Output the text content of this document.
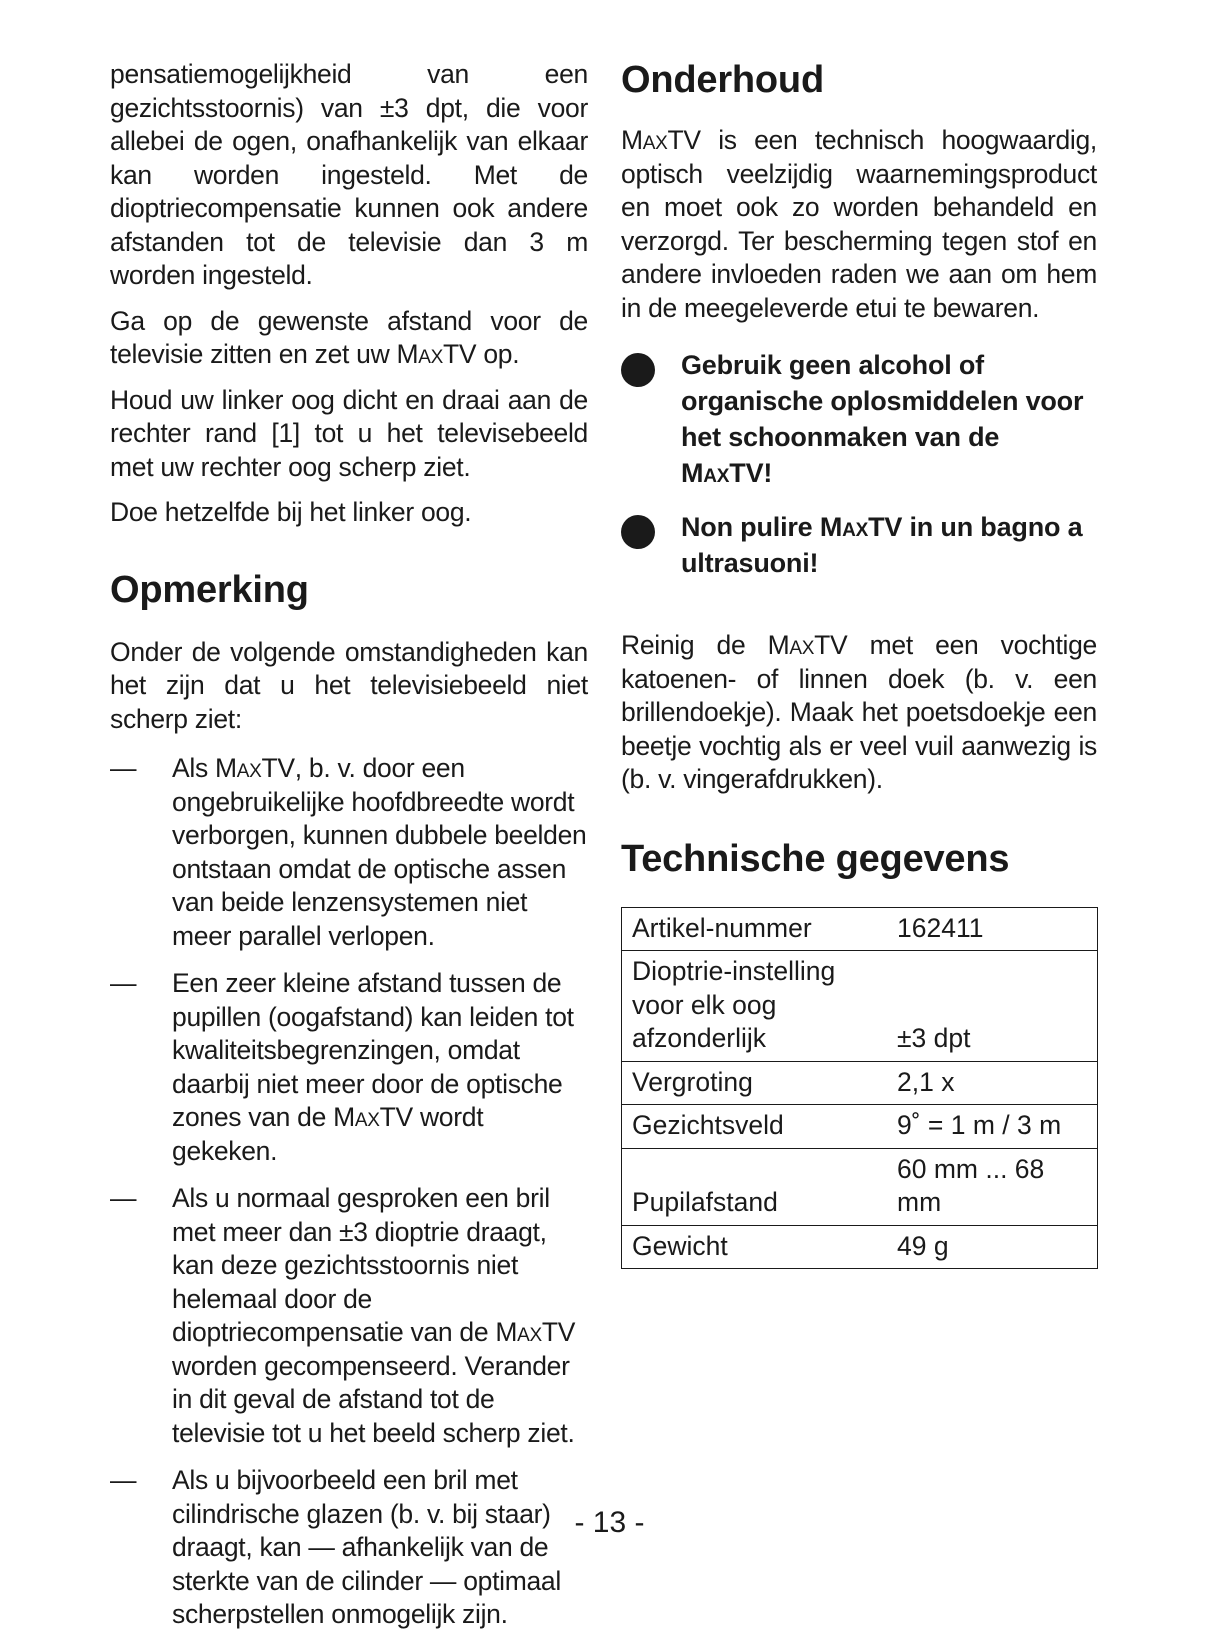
pensatiemogelijkheid van een gezichtsstoornis) van ±3 dpt, die voor allebei de ogen, onafhankelijk van elkaar kan worden ingesteld. Met de dioptriecompensatie kunnen ook andere afstanden tot de televisie dan 3 m worden ingesteld.

Ga op de gewenste afstand voor de televisie zitten en zet uw MaxTV op.

Houd uw linker oog dicht en draai aan de rechter rand [1] tot u het televisebeeld met uw rechter oog scherp ziet.

Doe hetzelfde bij het linker oog.

Opmerking

Onder de volgende omstandigheden kan het zijn dat u het televisiebeeld niet scherp ziet:

— Als MaxTV, b. v. door een ongebruikelijke hoofdbreedte wordt verborgen, kunnen dubbele beelden ontstaan omdat de optische assen van beide lenzensystemen niet meer parallel verlopen.
— Een zeer kleine afstand tussen de pupillen (oogafstand) kan leiden tot kwaliteitsbegrenzingen, omdat daarbij niet meer door de optische zones van de MaxTV wordt gekeken.
— Als u normaal gesproken een bril met meer dan ±3 dioptrie draagt, kan deze gezichtsstoornis niet helemaal door de dioptriecompensatie van de MaxTV worden gecompenseerd. Verander in dit geval de afstand tot de televisie tot u het beeld scherp ziet.
— Als u bijvoorbeeld een bril met cilindrische glazen (b. v. bij staar) draagt, kan — afhankelijk van de sterkte van de cilinder — optimaal scherpstellen onmogelijk zijn.
Onderhoud

MaxTV is een technisch hoogwaardig, optisch veelzijdig waarnemingsproduct en moet ook zo worden behandeld en verzorgd. Ter bescherming tegen stof en andere invloeden raden we aan om hem in de meegeleverde etui te bewaren.

Gebruik geen alcohol of organische oplosmiddelen voor het schoonmaken van de MaxTV!
Non pulire MaxTV in un bagno a ultrasuoni!

Reinig de MaxTV met een vochtige katoenen- of linnen doek (b. v. een brillendoekje). Maak het poetsdoekje een beetje vochtig als er veel vuil aanwezig is (b. v. vingerafdrukken).

Technische gegevens
Artikel-nummer	162411
Dioptrie-instelling voor elk oog afzonderlijk	±3 dpt
Vergroting	2,1 x
Gezichtsveld	9˚ = 1 m / 3 m
Pupilafstand	60 mm ... 68 mm
Gewicht	49 g
- 13 -
